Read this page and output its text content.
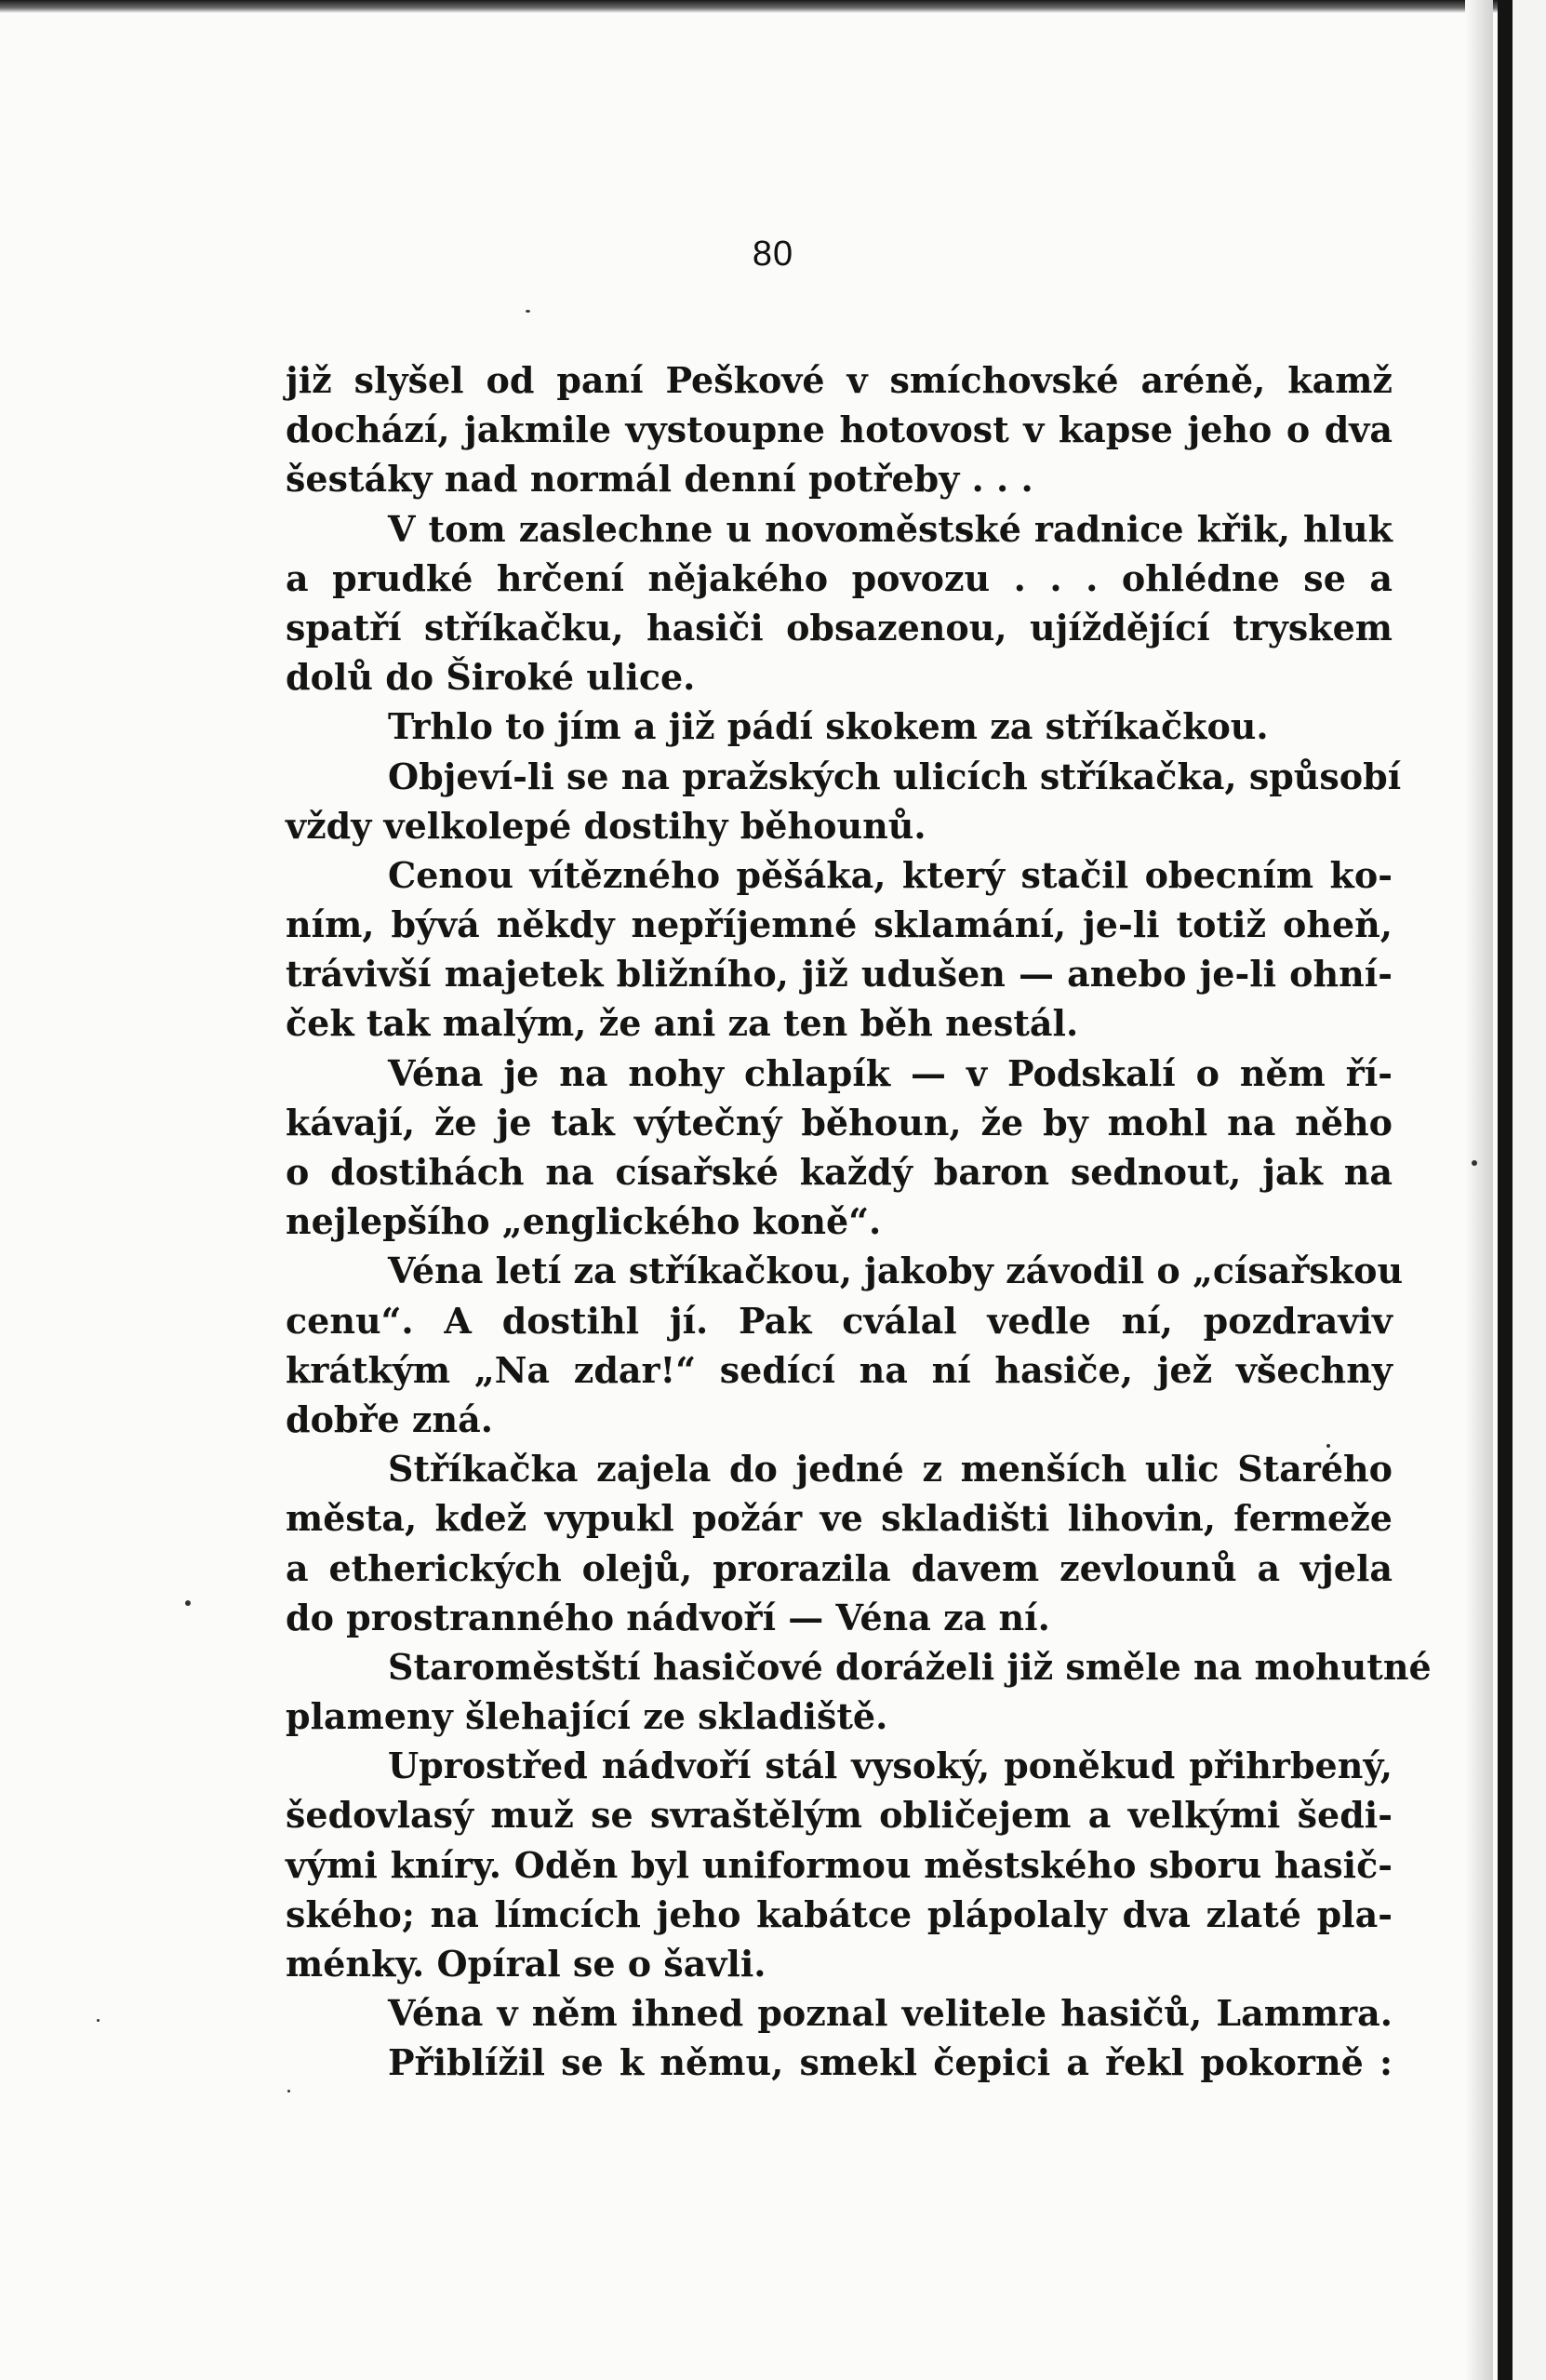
80
již slyšel od paní Peškové v smíchovské aréně, kamž
dochází, jakmile vystoupne hotovost v kapse jeho o dva
šestáky nad normál denní potřeby . . .
V tom zaslechne u novoměstské radnice křik, hluk
a prudké hrčení nějakého povozu . . . ohlédne se a
spatří stříkačku, hasiči obsazenou, ujíždějící tryskem
dolů do Široké ulice.
Trhlo to jím a již pádí skokem za stříkačkou.
Objeví-li se na pražských ulicích stříkačka, spůsobí
vždy velkolepé dostihy běhounů.
Cenou vítězného pěšáka, který stačil obecním ko-
ním, bývá někdy nepříjemné sklamání, je-li totiž oheň,
trávivší majetek bližního, již udušen — anebo je-li ohní-
ček tak malým, že ani za ten běh nestál.
Véna je na nohy chlapík — v Podskalí o něm ří-
kávají, že je tak výtečný běhoun, že by mohl na něho
o dostihách na císařské každý baron sednout, jak na
nejlepšího „englického koně“.
Véna letí za stříkačkou, jakoby závodil o „císařskou
cenu“. A dostihl jí. Pak cválal vedle ní, pozdraviv
krátkým „Na zdar!“ sedící na ní hasiče, jež všechny
dobře zná.
Stříkačka zajela do jedné z menších ulic Starého
města, kdež vypukl požár ve skladišti lihovin, fermeže
a etherických olejů, prorazila davem zevlounů a vjela
do prostranného nádvoří — Véna za ní.
Staroměstští hasičové doráželi již směle na mohutné
plameny šlehající ze skladiště.
Uprostřed nádvoří stál vysoký, poněkud přihrbený,
šedovlasý muž se svraštělým obličejem a velkými šedi-
vými kníry. Oděn byl uniformou městského sboru hasič-
ského; na límcích jeho kabátce plápolaly dva zlaté pla-
ménky. Opíral se o šavli.
Véna v něm ihned poznal velitele hasičů, Lammra.
Přiblížil se k němu, smekl čepici a řekl pokorně :
